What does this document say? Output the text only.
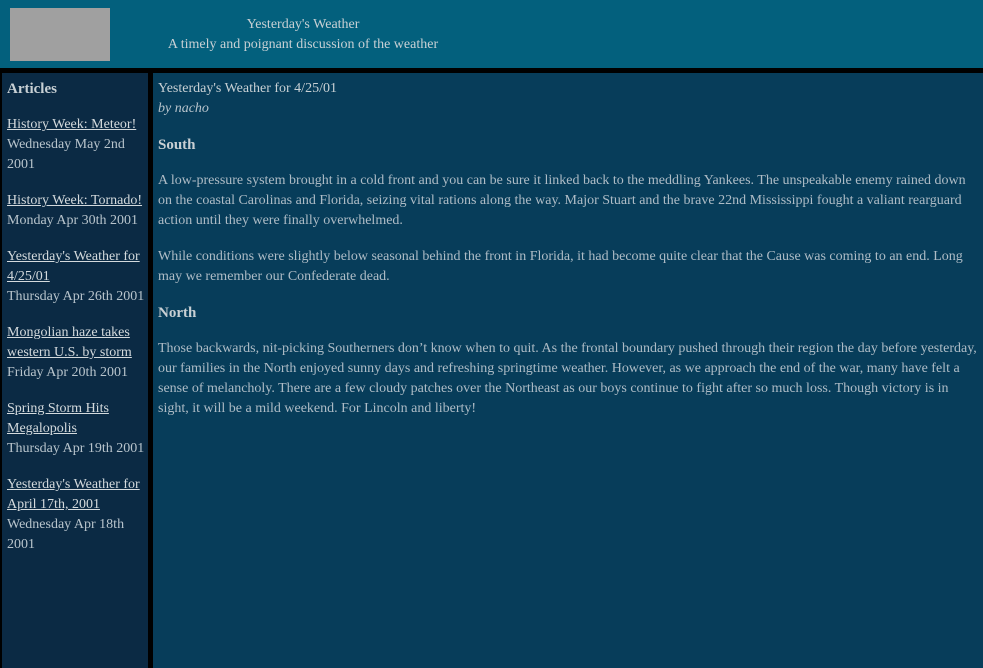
Yesterday's Weather
A timely and poignant discussion of the weather
Articles
History Week: Meteor!
Wednesday May 2nd 2001
History Week: Tornado!
Monday Apr 30th 2001
Yesterday's Weather for 4/25/01
Thursday Apr 26th 2001
Mongolian haze takes western U.S. by storm
Friday Apr 20th 2001
Spring Storm Hits Megalopolis
Thursday Apr 19th 2001
Yesterday's Weather for April 17th, 2001
Wednesday Apr 18th 2001
Yesterday's Weather for 4/25/01
by nacho
South

A low-pressure system brought in a cold front and you can be sure it linked back to the meddling Yankees. The unspeakable enemy rained down on the coastal Carolinas and Florida, seizing vital rations along the way. Major Stuart and the brave 22nd Mississippi fought a valiant rearguard action until they were finally overwhelmed.

While conditions were slightly below seasonal behind the front in Florida, it had become quite clear that the Cause was coming to an end. Long may we remember our Confederate dead.

North

Those backwards, nit-picking Southerners don’t know when to quit. As the frontal boundary pushed through their region the day before yesterday, our families in the North enjoyed sunny days and refreshing springtime weather. However, as we approach the end of the war, many have felt a sense of melancholy. There are a few cloudy patches over the Northeast as our boys continue to fight after so much loss. Though victory is in sight, it will be a mild weekend. For Lincoln and liberty!
